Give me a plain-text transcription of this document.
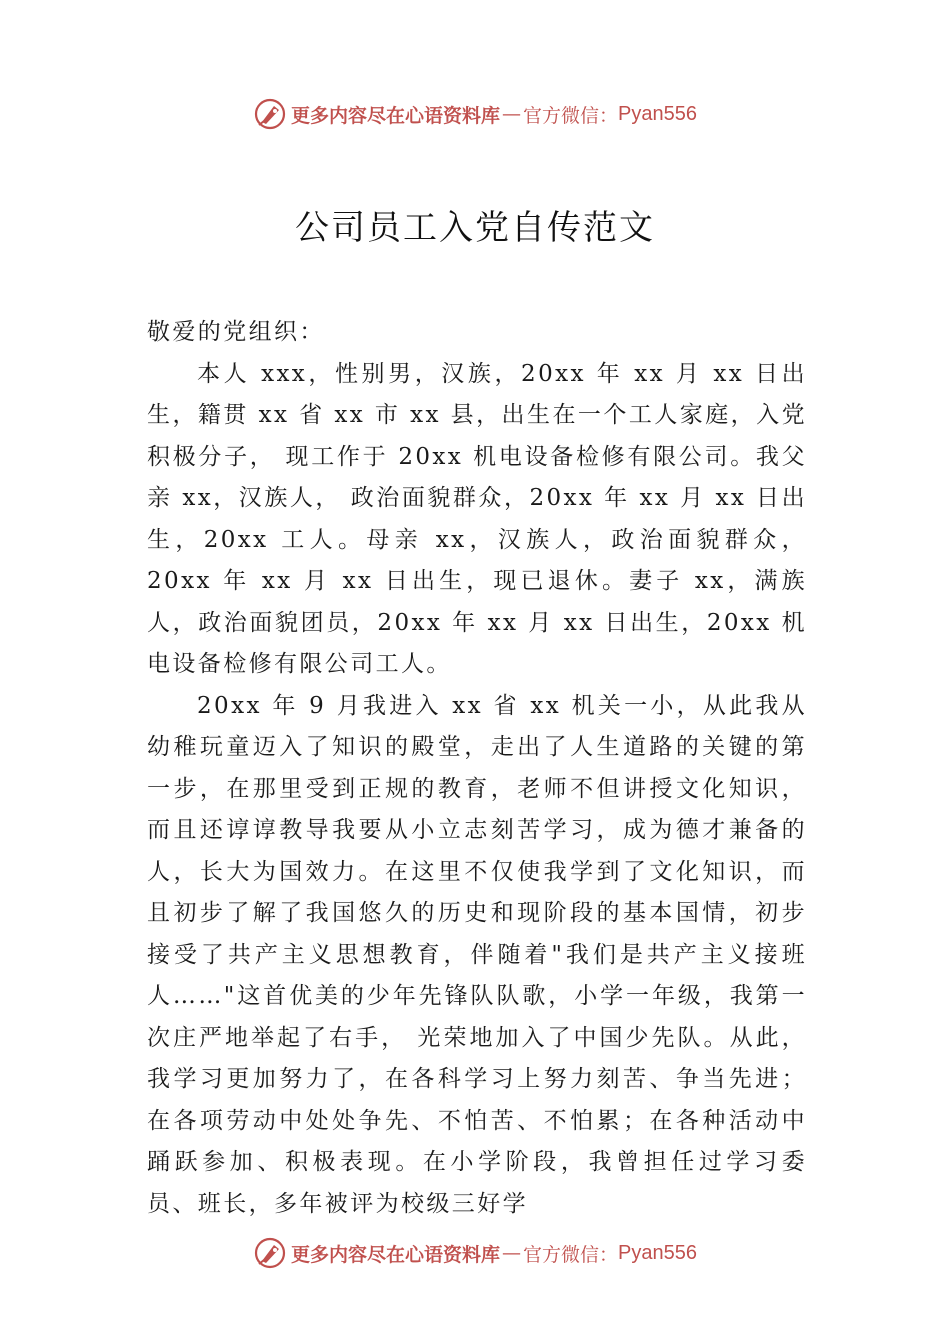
更多内容尽在心语资料库 — 官方微信： Pyan556
公司员工入党自传范文

敬爱的党组织：

本人 xxx，性别男，汉族，20xx 年 xx 月 xx 日出生，籍贯 xx 省 xx 市 xx 县，出生在一个工人家庭，入党积极分子， 现工作于 20xx 机电设备检修有限公司。我父亲 xx，汉族人， 政治面貌群众，20xx 年 xx 月 xx 日出生，20xx 工人。母亲 xx，汉族人，政治面貌群众，20xx 年 xx 月 xx 日出生，现已退休。妻子 xx，满族人，政治面貌团员，20xx 年 xx 月 xx 日出生，20xx 机电设备检修有限公司工人。

20xx 年 9 月我进入 xx 省 xx 机关一小，从此我从幼稚玩童迈入了知识的殿堂，走出了人生道路的关键的第一步，在那里受到正规的教育，老师不但讲授文化知识，而且还谆谆教导我要从小立志刻苦学习，成为德才兼备的人，长大为国效力。在这里不仅使我学到了文化知识，而且初步了解了我国悠久的历史和现阶段的基本国情，初步接受了共产主义思想教育，伴随着"我们是共产主义接班人……"这首优美的少年先锋队队歌，小学一年级，我第一次庄严地举起了右手， 光荣地加入了中国少先队。从此，我学习更加努力了，在各科学习上努力刻苦、争当先进；在各项劳动中处处争先、不怕苦、不怕累；在各种活动中踊跃参加、积极表现。在小学阶段，我曾担任过学习委员、班长，多年被评为校级三好学

更多内容尽在心语资料库 — 官方微信： Pyan556
